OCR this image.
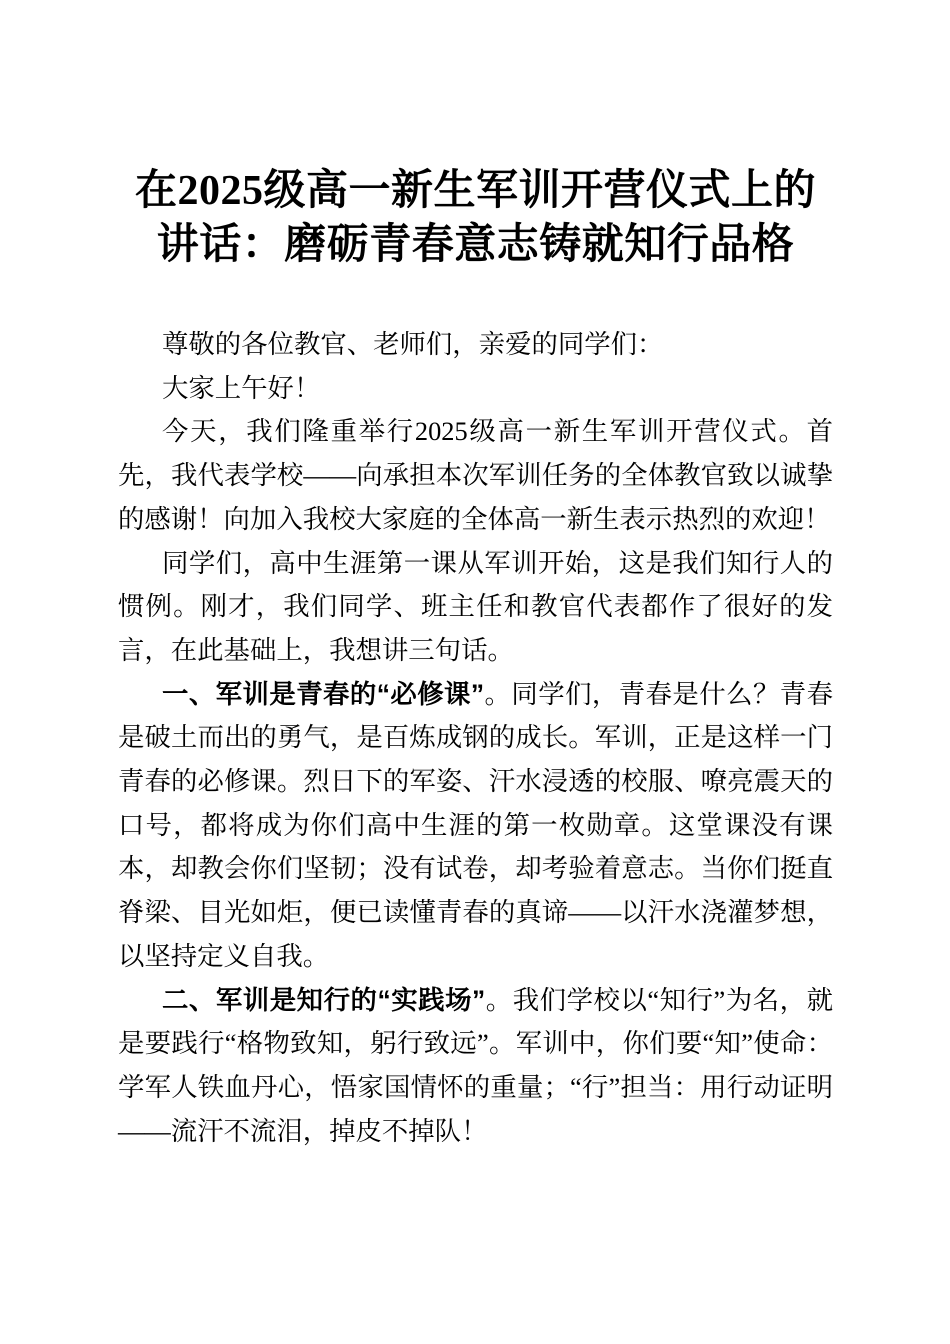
在2025级高一新生军训开营仪式上的
讲话：磨砺青春意志铸就知行品格

尊敬的各位教官、老师们，亲爱的同学们：

大家上午好！

今天，我们隆重举行2025级高一新生军训开营仪式。首先，我代表学校——向承担本次军训任务的全体教官致以诚挚的感谢！向加入我校大家庭的全体高一新生表示热烈的欢迎！

同学们，高中生涯第一课从军训开始，这是我们知行人的惯例。刚才，我们同学、班主任和教官代表都作了很好的发言，在此基础上，我想讲三句话。

一、军训是青春的“必修课”。同学们，青春是什么？青春是破土而出的勇气，是百炼成钢的成长。军训，正是这样一门青春的必修课。烈日下的军姿、汗水浸透的校服、嘹亮震天的口号，都将成为你们高中生涯的第一枚勋章。这堂课没有课本，却教会你们坚韧；没有试卷，却考验着意志。当你们挺直脊梁、目光如炬，便已读懂青春的真谛——以汗水浇灌梦想，以坚持定义自我。

二、军训是知行的“实践场”。我们学校以“知行”为名，就是要践行“格物致知，躬行致远”。军训中，你们要“知”使命：学军人铁血丹心，悟家国情怀的重量；“行”担当：用行动证明——流汗不流泪，掉皮不掉队！
